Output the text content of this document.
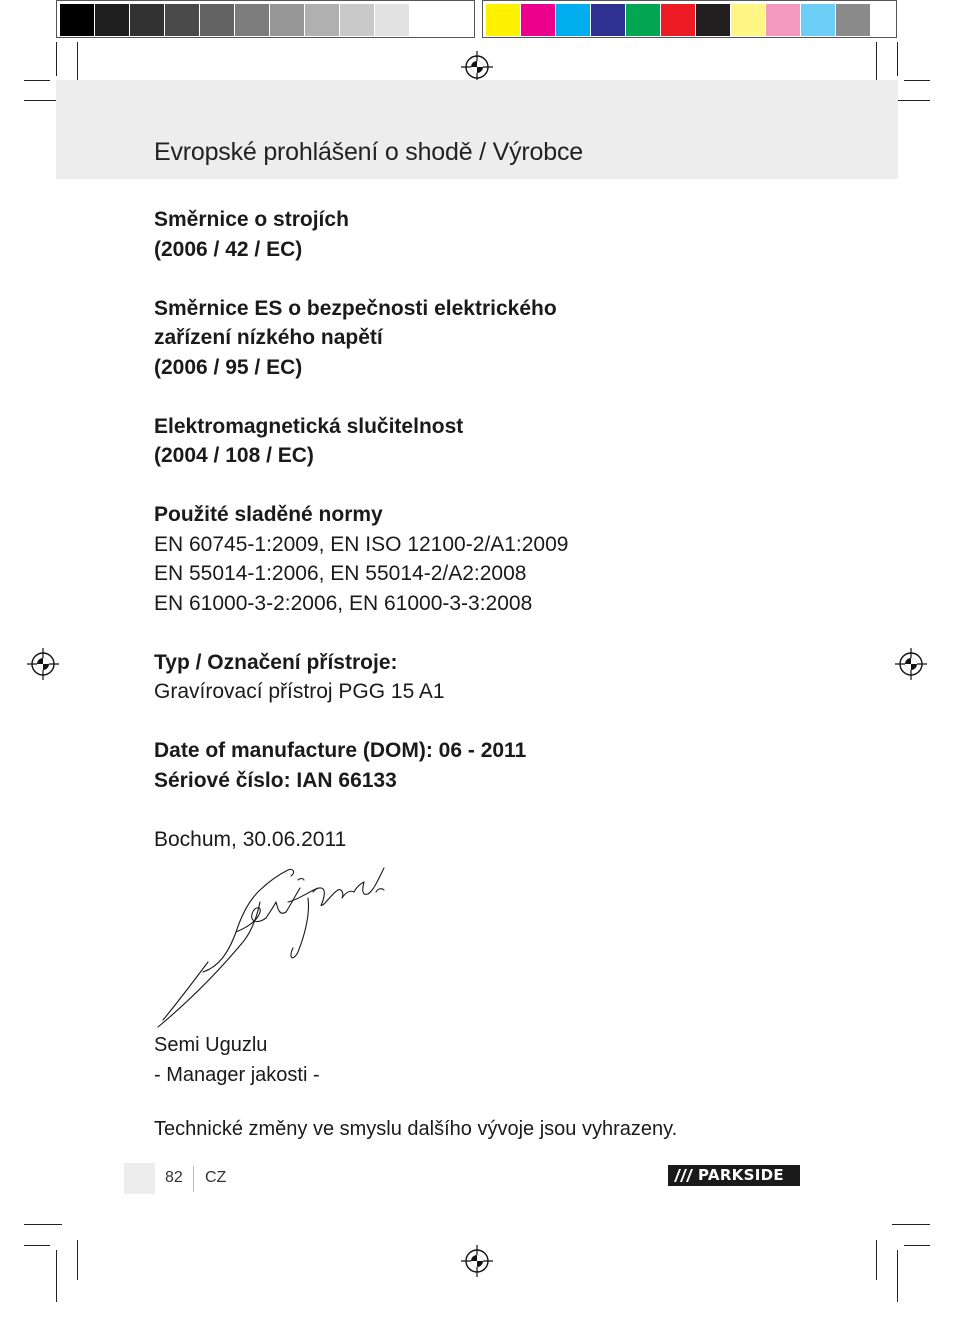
Evropské prohlášení o shodě / Výrobce
Směrnice o strojích
(2006 / 42 / EC)
Směrnice ES o bezpečnosti elektrického
zařízení nízkého napětí
(2006 / 95 / EC)
Elektromagnetická slučitelnost
(2004 / 108 / EC)
Použité sladěné normy
EN 60745-1:2009, EN ISO 12100-2/A1:2009
EN 55014-1:2006, EN 55014-2/A2:2008
EN 61000-3-2:2006, EN 61000-3-3:2008
Typ / Označení přístroje:
Gravírovací přístroj PGG 15 A1
Date of manufacture (DOM): 06 - 2011
Sériové číslo: IAN 66133
Bochum, 30.06.2011
Semi Uguzlu
- Manager jakosti -
Technické změny ve smyslu dalšího vývoje jsou vyhrazeny.
82 CZ	PARKSIDE
